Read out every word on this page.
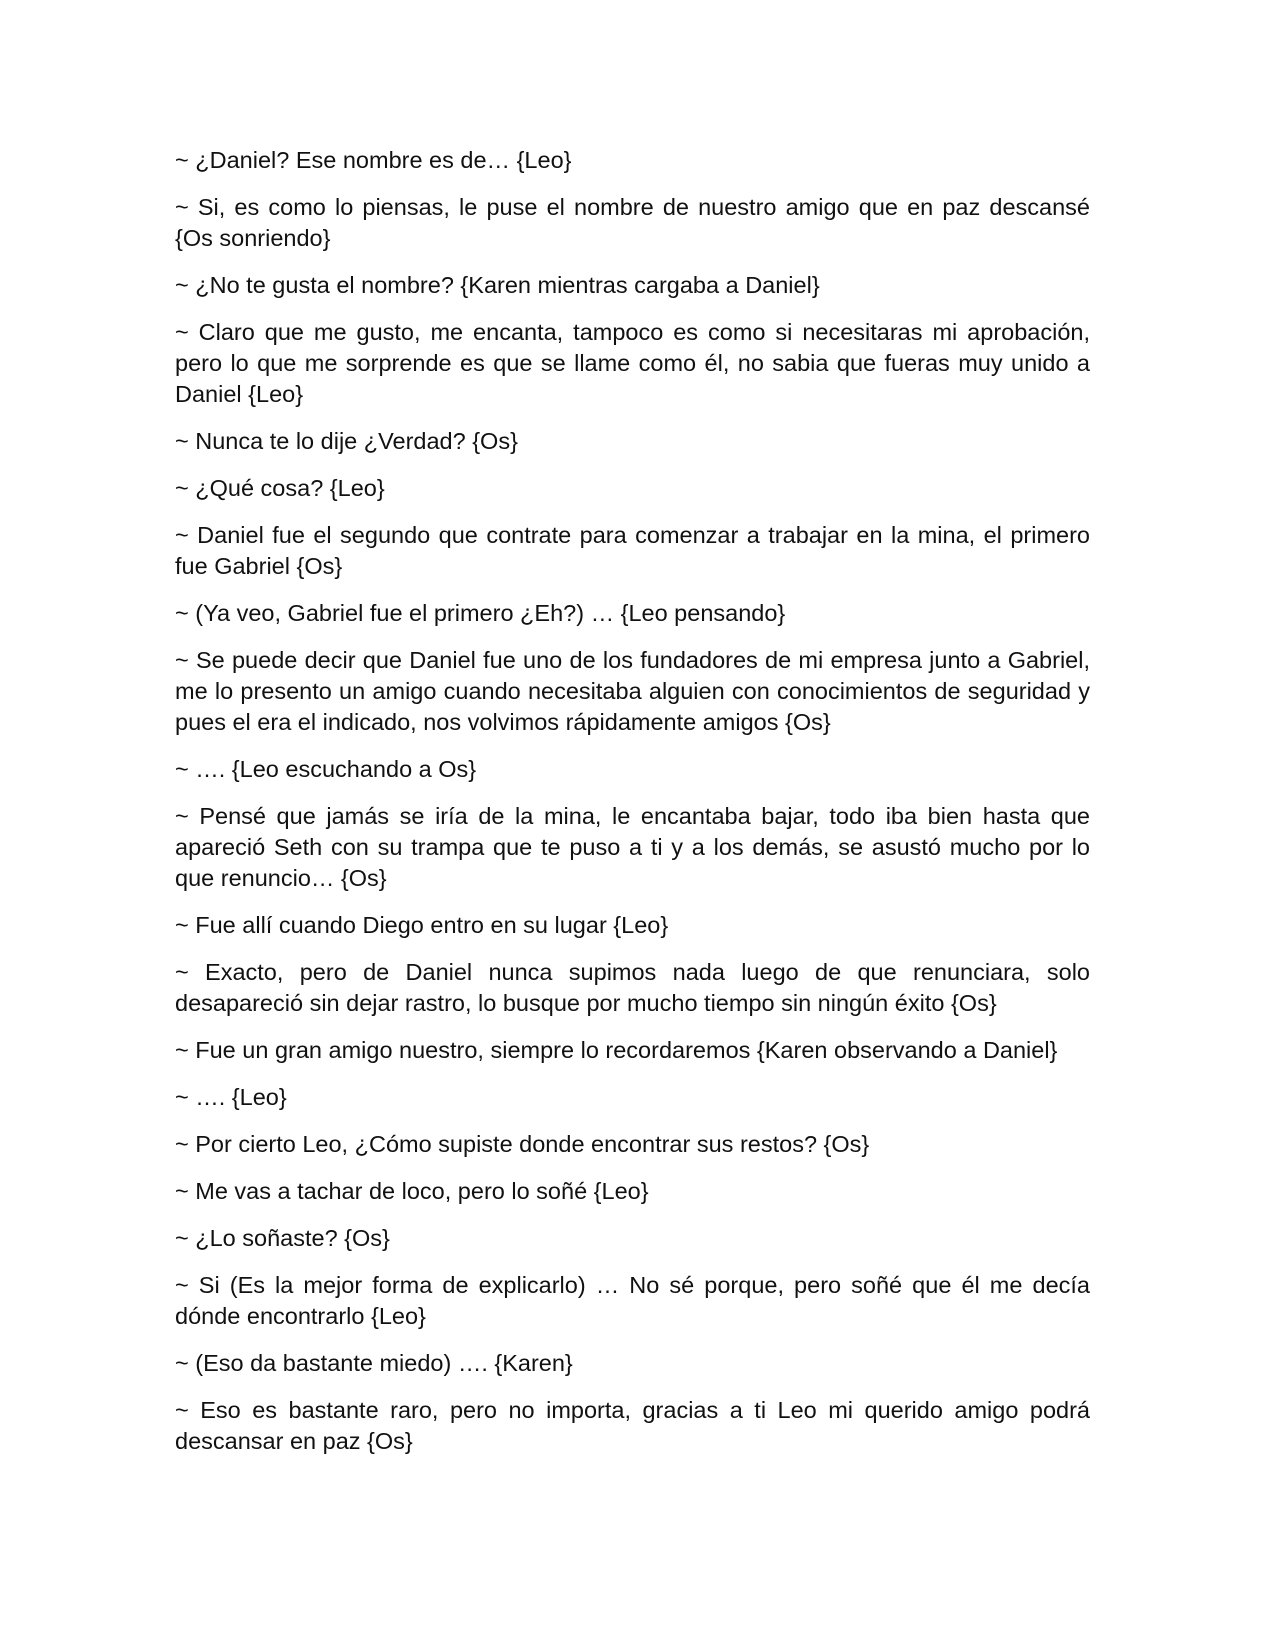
~ ¿Daniel? Ese nombre es de… {Leo}

~ Si, es como lo piensas, le puse el nombre de nuestro amigo que en paz descansé {Os sonriendo}

~ ¿No te gusta el nombre? {Karen mientras cargaba a Daniel}

~ Claro que me gusto, me encanta, tampoco es como si necesitaras mi aprobación, pero lo que me sorprende es que se llame como él, no sabia que fueras muy unido a Daniel {Leo}

~ Nunca te lo dije ¿Verdad? {Os}

~ ¿Qué cosa? {Leo}

~ Daniel fue el segundo que contrate para comenzar a trabajar en la mina, el primero fue Gabriel {Os}

~ (Ya veo, Gabriel fue el primero ¿Eh?) … {Leo pensando}

~ Se puede decir que Daniel fue uno de los fundadores de mi empresa junto a Gabriel, me lo presento un amigo cuando necesitaba alguien con conocimientos de seguridad y pues el era el indicado, nos volvimos rápidamente amigos {Os}

~ …. {Leo escuchando a Os}

~ Pensé que jamás se iría de la mina, le encantaba bajar, todo iba bien hasta que apareció Seth con su trampa que te puso a ti y a los demás, se asustó mucho por lo que renuncio… {Os}

~ Fue allí cuando Diego entro en su lugar {Leo}

~ Exacto, pero de Daniel nunca supimos nada luego de que renunciara, solo desapareció sin dejar rastro, lo busque por mucho tiempo sin ningún éxito {Os}

~ Fue un gran amigo nuestro, siempre lo recordaremos {Karen observando a Daniel}

~ …. {Leo}

~ Por cierto Leo, ¿Cómo supiste donde encontrar sus restos? {Os}

~ Me vas a tachar de loco, pero lo soñé {Leo}

~ ¿Lo soñaste? {Os}

~ Si (Es la mejor forma de explicarlo) … No sé porque, pero soñé que él me decía dónde encontrarlo {Leo}

~ (Eso da bastante miedo) …. {Karen}

~ Eso es bastante raro, pero no importa, gracias a ti Leo mi querido amigo podrá descansar en paz {Os}
